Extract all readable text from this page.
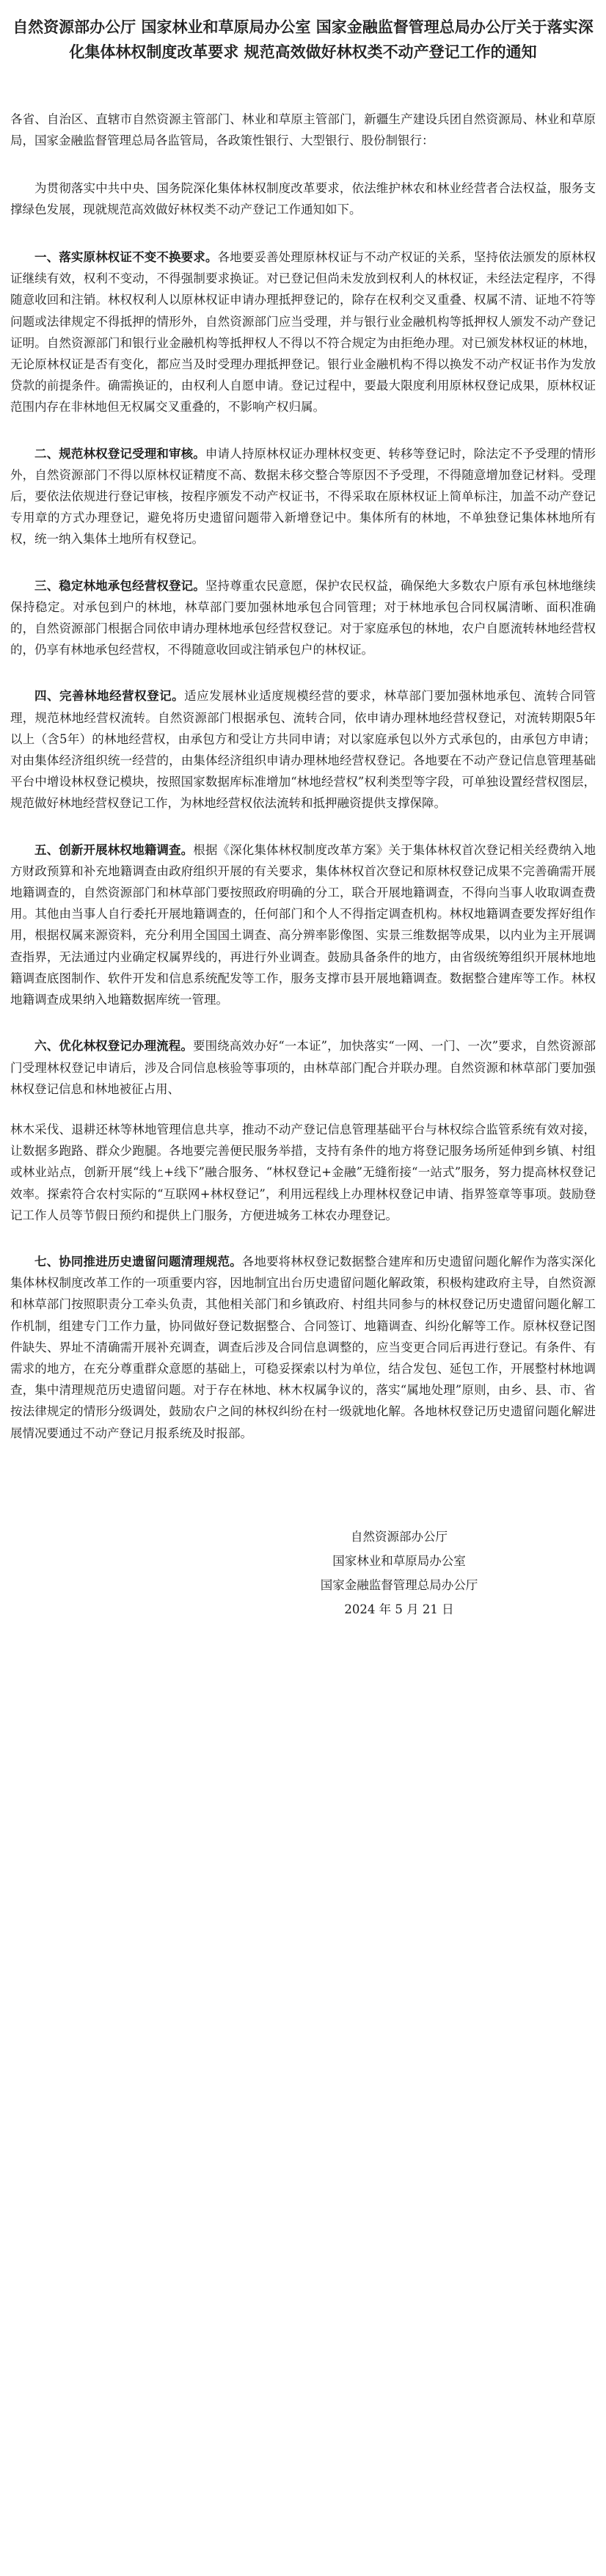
自然资源部办公厅 国家林业和草原局办公室 国家金融监督管理总局办公厅关于落实深化集体林权制度改革要求 规范高效做好林权类不动产登记工作的通知
各省、自治区、直辖市自然资源主管部门、林业和草原主管部门，新疆生产建设兵团自然资源局、林业和草原局，国家金融监督管理总局各监管局，各政策性银行、大型银行、股份制银行：
为贯彻落实中共中央、国务院深化集体林权制度改革要求，依法维护林农和林业经营者合法权益，服务支撑绿色发展，现就规范高效做好林权类不动产登记工作通知如下。
一、落实原林权证不变不换要求。各地要妥善处理原林权证与不动产权证的关系，坚持依法颁发的原林权证继续有效，权利不变动，不得强制要求换证。对已登记但尚未发放到权利人的林权证，未经法定程序，不得随意收回和注销。林权权利人以原林权证申请办理抵押登记的，除存在权利交叉重叠、权属不清、证地不符等问题或法律规定不得抵押的情形外，自然资源部门应当受理，并与银行业金融机构等抵押权人颁发不动产登记证明。自然资源部门和银行业金融机构等抵押权人不得以不符合规定为由拒绝办理。对已颁发林权证的林地，无论原林权证是否有变化，都应当及时受理办理抵押登记。银行业金融机构不得以换发不动产权证书作为发放贷款的前提条件。确需换证的，由权利人自愿申请。登记过程中，要最大限度利用原林权登记成果，原林权证范围内存在非林地但无权属交叉重叠的，不影响产权归属。
二、规范林权登记受理和审核。申请人持原林权证办理林权变更、转移等登记时，除法定不予受理的情形外，自然资源部门不得以原林权证精度不高、数据未移交整合等原因不予受理，不得随意增加登记材料。受理后，要依法依规进行登记审核，按程序颁发不动产权证书，不得采取在原林权证上简单标注，加盖不动产登记专用章的方式办理登记，避免将历史遗留问题带入新增登记中。集体所有的林地，不单独登记集体林地所有权，统一纳入集体土地所有权登记。
三、稳定林地承包经营权登记。坚持尊重农民意愿，保护农民权益，确保绝大多数农户原有承包林地继续保持稳定。对承包到户的林地，林草部门要加强林地承包合同管理；对于林地承包合同权属清晰、面积准确的，自然资源部门根据合同依申请办理林地承包经营权登记。对于家庭承包的林地，农户自愿流转林地经营权的，仍享有林地承包经营权，不得随意收回或注销承包户的林权证。
四、完善林地经营权登记。适应发展林业适度规模经营的要求，林草部门要加强林地承包、流转合同管理，规范林地经营权流转。自然资源部门根据承包、流转合同，依申请办理林地经营权登记，对流转期限5年以上（含5年）的林地经营权，由承包方和受让方共同申请；对以家庭承包以外方式承包的，由承包方申请；对由集体经济组织统一经营的，由集体经济组织申请办理林地经营权登记。各地要在不动产登记信息管理基础平台中增设林权登记模块，按照国家数据库标准增加“林地经营权”权利类型等字段，可单独设置经营权图层，规范做好林地经营权登记工作，为林地经营权依法流转和抵押融资提供支撑保障。
五、创新开展林权地籍调查。根据《深化集体林权制度改革方案》关于集体林权首次登记相关经费纳入地方财政预算和补充地籍调查由政府组织开展的有关要求，集体林权首次登记和原林权登记成果不完善确需开展地籍调查的，自然资源部门和林草部门要按照政府明确的分工，联合开展地籍调查，不得向当事人收取调查费用。其他由当事人自行委托开展地籍调查的，任何部门和个人不得指定调查机构。林权地籍调查要发挥好组作用，根据权属来源资料，充分利用全国国土调查、高分辨率影像图、实景三维数据等成果，以内业为主开展调查指界，无法通过内业确定权属界线的，再进行外业调查。鼓励具备条件的地方，由省级统筹组织开展林地地籍调查底图制作、软件开发和信息系统配发等工作，服务支撑市县开展地籍调查。数据整合建库等工作。林权地籍调查成果纳入地籍数据库统一管理。
六、优化林权登记办理流程。要围绕高效办好“一本证”，加快落实“一网、一门、一次”要求，自然资源部门受理林权登记申请后，涉及合同信息核验等事项的，由林草部门配合并联办理。自然资源和林草部门要加强林权登记信息和林地被征占用、
林木采伐、退耕还林等林地管理信息共享，推动不动产登记信息管理基础平台与林权综合监管系统有效对接，让数据多跑路、群众少跑腿。各地要完善便民服务举措，支持有条件的地方将登记服务场所延伸到乡镇、村组或林业站点，创新开展“线上+线下”融合服务、“林权登记+金融”无缝衔接“一站式”服务，努力提高林权登记效率。探索符合农村实际的“互联网+林权登记”，利用远程线上办理林权登记申请、指界签章等事项。鼓励登记工作人员等节假日预约和提供上门服务，方便进城务工林农办理登记。
七、协同推进历史遗留问题清理规范。各地要将林权登记数据整合建库和历史遗留问题化解作为落实深化集体林权制度改革工作的一项重要内容，因地制宜出台历史遗留问题化解政策，积极构建政府主导，自然资源和林草部门按照职责分工牵头负责，其他相关部门和乡镇政府、村组共同参与的林权登记历史遗留问题化解工作机制，组建专门工作力量，协同做好登记数据整合、合同签订、地籍调查、纠纷化解等工作。原林权登记图件缺失、界址不清确需开展补充调查，调查后涉及合同信息调整的，应当变更合同后再进行登记。有条件、有需求的地方，在充分尊重群众意愿的基础上，可稳妥探索以村为单位，结合发包、延包工作，开展整村林地调查，集中清理规范历史遗留问题。对于存在林地、林木权属争议的，落实“属地处理”原则，由乡、县、市、省按法律规定的情形分级调处，鼓励农户之间的林权纠纷在村一级就地化解。各地林权登记历史遗留问题化解进展情况要通过不动产登记月报系统及时报部。
自然资源部办公厅
国家林业和草原局办公室
国家金融监督管理总局办公厅
2024 年 5 月 21 日
